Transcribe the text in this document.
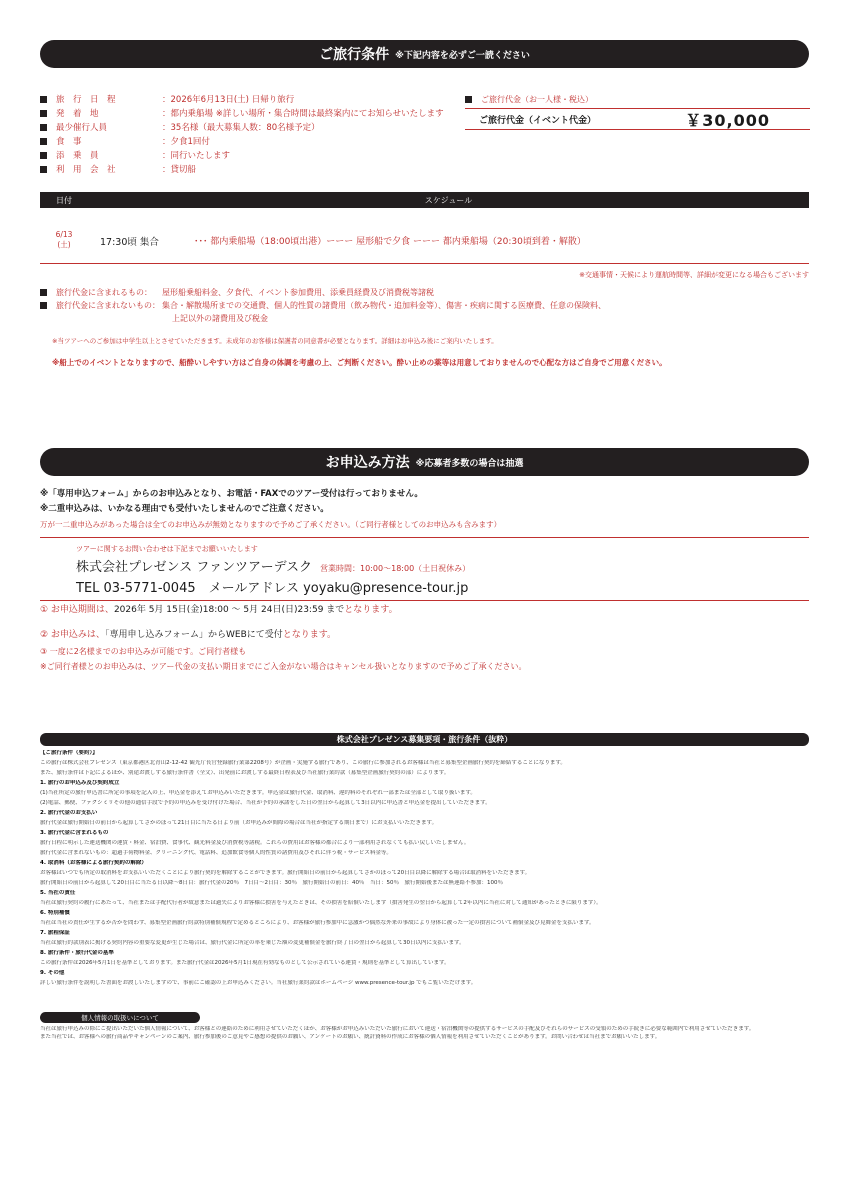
ご旅行条件 ※下記内容を必ずご一読ください
旅　行　日　程	：2026年6月13日(土) 日帰り旅行
発　着　地	：都内乗船場 ※詳しい場所・集合時間は最終案内にてお知らせいたします
最少催行人員	：35名様（最大募集人数：80名様予定）
食　事	：夕食1回付
添　乗　員	：同行いたします
利　用　会　社	：貸切船
ご旅行代金（お一人様・税込）
ご旅行代金（イベント代金）	￥30,000
日付	スケジュール
6/13
(土)	17:30頃 集合	･･･ 都内乗船場（18:00頃出港）ーーー 屋形船で夕食 ーーー 都内乗船場（20:30頃到着・解散）
※交通事情・天候により運航時間等、詳細が変更になる場合もございます
旅行代金に含まれるもの：	屋形船乗船料金、夕食代、イベント参加費用、添乗員経費及び消費税等諸税
旅行代金に含まれないもの： 集合・解散場所までの交通費、個人的性質の諸費用（飲み物代・追加料金等）、傷害・疾病に関する医療費、任意の保険料、
上記以外の諸費用及び税金
※当ツアーへのご参加は中学生以上とさせていただきます。未成年のお客様は保護者の同意書が必要となります。詳細はお申込み後にご案内いたします。
※船上でのイベントとなりますので、船酔いしやすい方はご自身の体調を考慮の上、ご判断ください。酔い止めの薬等は用意しておりませんので心配な方はご自身でご用意ください。
お申込み方法 ※応募者多数の場合は抽選
※「専用申込フォーム」からのお申込みとなり、お電話・FAXでのツアー受付は行っておりません。
※二重申込みは、いかなる理由でも受付いたしませんのでご注意ください。
万が一二重申込みがあった場合は全てのお申込みが無効となりますので予めご了承ください。（ご同行者様としてのお申込みも含みます）
ツアーに関するお問い合わせは下記までお願いいたします
株式会社プレゼンス ファンツアーデスク 営業時間：10:00～18:00（土日祝休み）
TEL 03-5771-0045　メールアドレス yoyaku@presence-tour.jp
① お申込期間は、2026年 5月 15日(金)18:00 ～ 5月 24日(日)23:59 までとなります。
② お申込みは、「専用申し込みフォーム」からWEBにて受付となります。
③ 一度に2名様までのお申込みが可能です。ご同行者様も
※ご同行者様とのお申込みは、ツアー代金の支払い期日までにご入金がない場合はキャンセル扱いとなりますので予めご了承ください。
株式会社プレゼンス募集要項・旅行条件（抜粋）

【ご旅行条件（要約）】

この旅行は株式会社プレゼンス（東京都港区北青山2-12-42 観光庁長官登録旅行業第2208号）が企画・実施する旅行であり、この旅行に参加されるお客様は当社と募集型企画旅行契約を締結することになります。

また、旅行条件は下記によるほか、別途お渡しする旅行条件書（全文）、出発前にお渡しする最終日程表及び当社旅行業約款（募集型企画旅行契約の部）によります。

1. 旅行のお申込み及び契約成立

(1)当社所定の旅行申込書に所定の事項を記入の上、申込金を添えてお申込みいただきます。申込金は旅行代金、取消料、違約料のそれぞれ一部または全部として取り扱います。

(2)電話、郵便、ファクシミリその他の通信手段で予約の申込みを受け付けた場合、当社が予約の承諾をした日の翌日から起算して3日以内に申込書と申込金を提出していただきます。

2. 旅行代金のお支払い

旅行代金は旅行開始日の前日から起算してさかのぼって21日目に当たる日より前（お申込みが間際の場合は当社が指定する期日まで）にお支払いいただきます。

3. 旅行代金に含まれるもの

旅行日程に明示した運送機関の運賃・料金、宿泊費、食事代、観光料金及び消費税等諸税。これらの費用はお客様の都合により一部利用されなくても払い戻しいたしません。

旅行代金に含まれないもの：超過手荷物料金、クリーニング代、電話料、追加飲食等個人的性質の諸費用及びそれに伴う税・サービス料金等。

4. 取消料（お客様による旅行契約の解除）

お客様はいつでも所定の取消料をお支払いいただくことにより旅行契約を解除することができます。旅行開始日の前日から起算してさかのぼって20日目以降に解除する場合は取消料をいただきます。

旅行開始日の前日から起算して20日目に当たる日以降～8日目：旅行代金の20％　7日目～2日目：30％　旅行開始日の前日：40％　当日：50％　旅行開始後または無連絡不参加：100％

5. 当社の責任

当社は旅行契約の履行にあたって、当社または手配代行者が故意または過失によりお客様に損害を与えたときは、その損害を賠償いたします（損害発生の翌日から起算して2年以内に当社に対して通知があったときに限ります）。

6. 特別補償

当社は当社の責任が生ずるか否かを問わず、募集型企画旅行約款特別補償規程で定めるところにより、お客様が旅行参加中に急激かつ偶然な外来の事故により身体に被った一定の損害について補償金及び見舞金を支払います。

7. 旅程保証

当社は旅行約款別表に掲げる契約内容の重要な変更が生じた場合は、旅行代金に所定の率を乗じた額の変更補償金を旅行終了日の翌日から起算して30日以内に支払います。

8. 旅行条件・旅行代金の基準

この旅行条件は2026年5月1日を基準としております。また旅行代金は2026年5月1日現在有効なものとして公示されている運賃・規則を基準として算出しています。

9. その他

詳しい旅行条件を説明した書面をお渡しいたしますので、事前にご確認の上お申込みください。当社旅行業約款はホームページ www.presence-tour.jp でもご覧いただけます。

個人情報の取扱いについて

当社は旅行申込みの際にご提出いただいた個人情報について、お客様との連絡のために利用させていただくほか、お客様がお申込みいただいた旅行において運送・宿泊機関等の提供するサービスの手配及びそれらのサービスの受領のための手続きに必要な範囲内で利用させていただきます。

また当社では、お客様への旅行商品やキャンペーンのご案内、旅行参加後のご意見やご感想の提供のお願い、アンケートのお願い、統計資料の作成にお客様の個人情報を利用させていただくことがあります。お問い合わせは当社までお願いいたします。
